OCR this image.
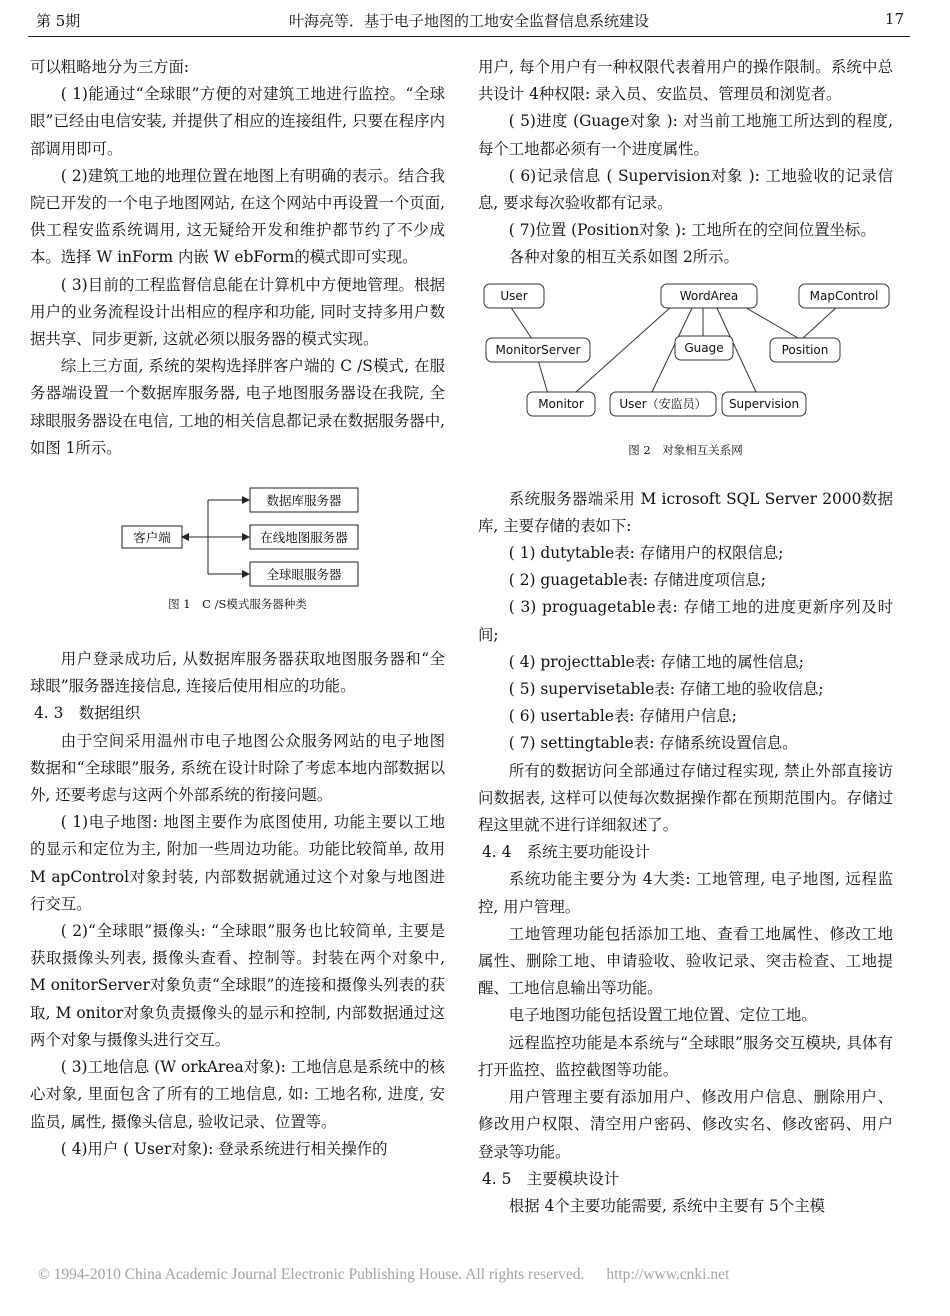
第 5期	叶海亮等．基于电子地图的工地安全监督信息系统建设	17

可以粗略地分为三方面:

( 1)能通过“全球眼”方便的对建筑工地进行监控。“全球眼”已经由电信安装, 并提供了相应的连接组件, 只要在程序内部调用即可。

( 2)建筑工地的地理位置在地图上有明确的表示。结合我院已开发的一个电子地图网站, 在这个网站中再设置一个页面, 供工程安监系统调用, 这无疑给开发和维护都节约了不少成本。选择 W inForm 内嵌 W ebForm的模式即可实现。

( 3)目前的工程监督信息能在计算机中方便地管理。根据用户的业务流程设计出相应的程序和功能, 同时支持多用户数据共享、同步更新, 这就必须以服务器的模式实现。

综上三方面, 系统的架构选择胖客户端的 C /S模式, 在服务器端设置一个数据库服务器, 电子地图服务器设在我院, 全球眼服务器设在电信, 工地的相关信息都记录在数据服务器中, 如图 1所示。

客户端
数据库服务器
在线地图服务器
全球眼服务器
图 1　C /S模式服务器种类

用户登录成功后, 从数据库服务器获取地图服务器和“全球眼”服务器连接信息, 连接后使用相应的功能。

4. 3　数据组织

由于空间采用温州市电子地图公众服务网站的电子地图数据和“全球眼”服务, 系统在设计时除了考虑本地内部数据以外, 还要考虑与这两个外部系统的衔接问题。

( 1)电子地图: 地图主要作为底图使用, 功能主要以工地的显示和定位为主, 附加一些周边功能。功能比较简单, 故用 M apControl对象封装, 内部数据就通过这个对象与地图进行交互。

( 2)“全球眼”摄像头: “全球眼”服务也比较简单, 主要是获取摄像头列表, 摄像头查看、控制等。封装在两个对象中, M onitorServer对象负责“全球眼”的连接和摄像头列表的获取, M onitor对象负责摄像头的显示和控制, 内部数据通过这两个对象与摄像头进行交互。

( 3)工地信息 (W orkArea对象): 工地信息是系统中的核心对象, 里面包含了所有的工地信息, 如: 工地名称, 进度, 安监员, 属性, 摄像头信息, 验收记录、位置等。

( 4)用户 ( User对象): 登录系统进行相关操作的

用户, 每个用户有一种权限代表着用户的操作限制。系统中总共设计 4种权限: 录入员、安监员、管理员和浏览者。

( 5)进度 (Guage对象 ): 对当前工地施工所达到的程度, 每个工地都必须有一个进度属性。

( 6)记录信息 ( Supervision对象 ): 工地验收的记录信息, 要求每次验收都有记录。

( 7)位置 (Position对象 ): 工地所在的空间位置坐标。

各种对象的相互关系如图 2所示。

User	WordArea	MapControl
MonitorServer	Guage	Position
Monitor	User（安监员） Supervision
图 2　对象相互关系网

系统服务器端采用 M icrosoft SQL Server 2000数据库, 主要存储的表如下:

( 1) dutytable表: 存储用户的权限信息;

( 2) guagetable表: 存储进度项信息;

( 3) proguagetable表: 存储工地的进度更新序列及时间;

( 4) projecttable表: 存储工地的属性信息;

( 5) supervisetable表: 存储工地的验收信息;

( 6) usertable表: 存储用户信息;

( 7) settingtable表: 存储系统设置信息。

所有的数据访问全部通过存储过程实现, 禁止外部直接访问数据表, 这样可以使每次数据操作都在预期范围内。存储过程这里就不进行详细叙述了。

4. 4　系统主要功能设计

系统功能主要分为 4大类: 工地管理, 电子地图, 远程监控, 用户管理。

工地管理功能包括添加工地、查看工地属性、修改工地属性、删除工地、申请验收、验收记录、突击检查、工地提醒、工地信息输出等功能。

电子地图功能包括设置工地位置、定位工地。

远程监控功能是本系统与“全球眼”服务交互模块, 具体有打开监控、监控截图等功能。

用户管理主要有添加用户、修改用户信息、删除用户、修改用户权限、清空用户密码、修改实名、修改密码、用户登录等功能。

4. 5　主要模块设计

根据 4个主要功能需要, 系统中主要有 5个主模

© 1994-2010 China Academic Journal Electronic Publishing House. All rights reserved. http://www.cnki.net
